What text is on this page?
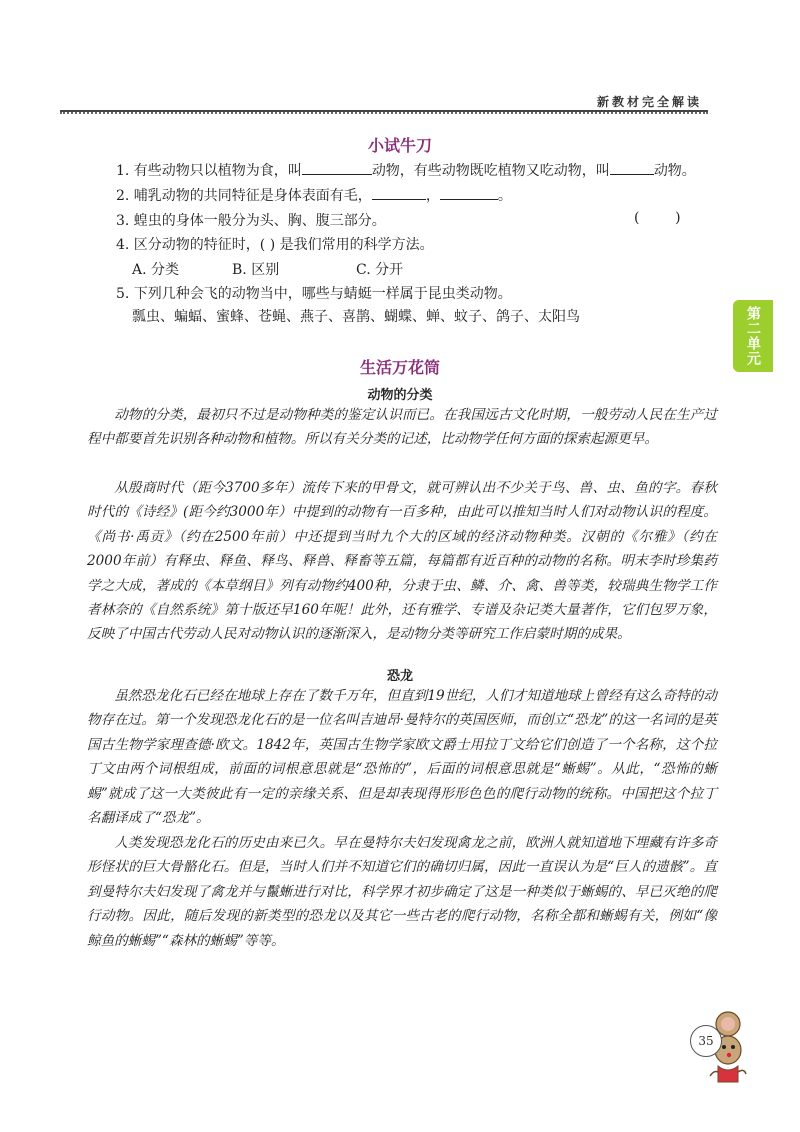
新教材完全解读
第二单元
小试牛刀
1. 有些动物只以植物为食，叫	动物，有些动物既吃植物又吃动物，叫	动物。
2. 哺乳动物的共同特征是身体表面有毛，	，	。
3. 蝗虫的身体一般分为头、胸、腹三部分。	(        )
4. 区分动物的特征时，( ) 是我们常用的科学方法。
A. 分类	B. 区别	C. 分开
5. 下列几种会飞的动物当中，哪些与蜻蜓一样属于昆虫类动物。
瓢虫、蝙蝠、蜜蜂、苍蝇、燕子、喜鹊、蝴蝶、蝉、蚊子、鸽子、太阳鸟
生活万花筒
动物的分类
动物的分类，最初只不过是动物种类的鉴定认识而已。在我国远古文化时期，一般劳动人民在生产过程中都要首先识别各种动物和植物。所以有关分类的记述，比动物学任何方面的探索起源更早。
从殷商时代（距今3700多年）流传下来的甲骨文，就可辨认出不少关于鸟、兽、虫、鱼的字。春秋时代的《诗经》(距今约3000年）中提到的动物有一百多种，由此可以推知当时人们对动物认识的程度。《尚书·禹贡》（约在2500年前）中还提到当时九个大的区域的经济动物种类。汉朝的《尔雅》（约在2000年前）有释虫、释鱼、释鸟、释兽、释畜等五篇，每篇都有近百种的动物的名称。明末李时珍集药学之大成，著成的《本草纲目》列有动物约400种，分隶于虫、鳞、介、禽、兽等类，较瑞典生物学工作者林奈的《自然系统》第十版还早160年呢！此外，还有雅学、专谱及杂记类大量著作，它们包罗万象，反映了中国古代劳动人民对动物认识的逐渐深入，是动物分类等研究工作启蒙时期的成果。
恐龙
虽然恐龙化石已经在地球上存在了数千万年，但直到19世纪，人们才知道地球上曾经有这么奇特的动物存在过。第一个发现恐龙化石的是一位名叫吉迪昂·曼特尔的英国医师，而创立“恐龙”的这一名词的是英国古生物学家理查德·欧文。1842年，英国古生物学家欧文爵士用拉丁文给它们创造了一个名称，这个拉丁文由两个词根组成，前面的词根意思就是“恐怖的”，后面的词根意思就是“蜥蜴”。从此，“恐怖的蜥蜴”就成了这一大类彼此有一定的亲缘关系、但是却表现得形形色色的爬行动物的统称。中国把这个拉丁名翻译成了“恐龙”。
人类发现恐龙化石的历史由来已久。早在曼特尔夫妇发现禽龙之前，欧洲人就知道地下埋藏有许多奇形怪状的巨大骨骼化石。但是，当时人们并不知道它们的确切归属，因此一直误认为是“巨人的遗骸”。直到曼特尔夫妇发现了禽龙并与鬣蜥进行对比，科学界才初步确定了这是一种类似于蜥蜴的、早已灭绝的爬行动物。因此，随后发现的新类型的恐龙以及其它一些古老的爬行动物，名称全都和蜥蜴有关，例如“像鲸鱼的蜥蜴”“森林的蜥蜴”等等。
35
